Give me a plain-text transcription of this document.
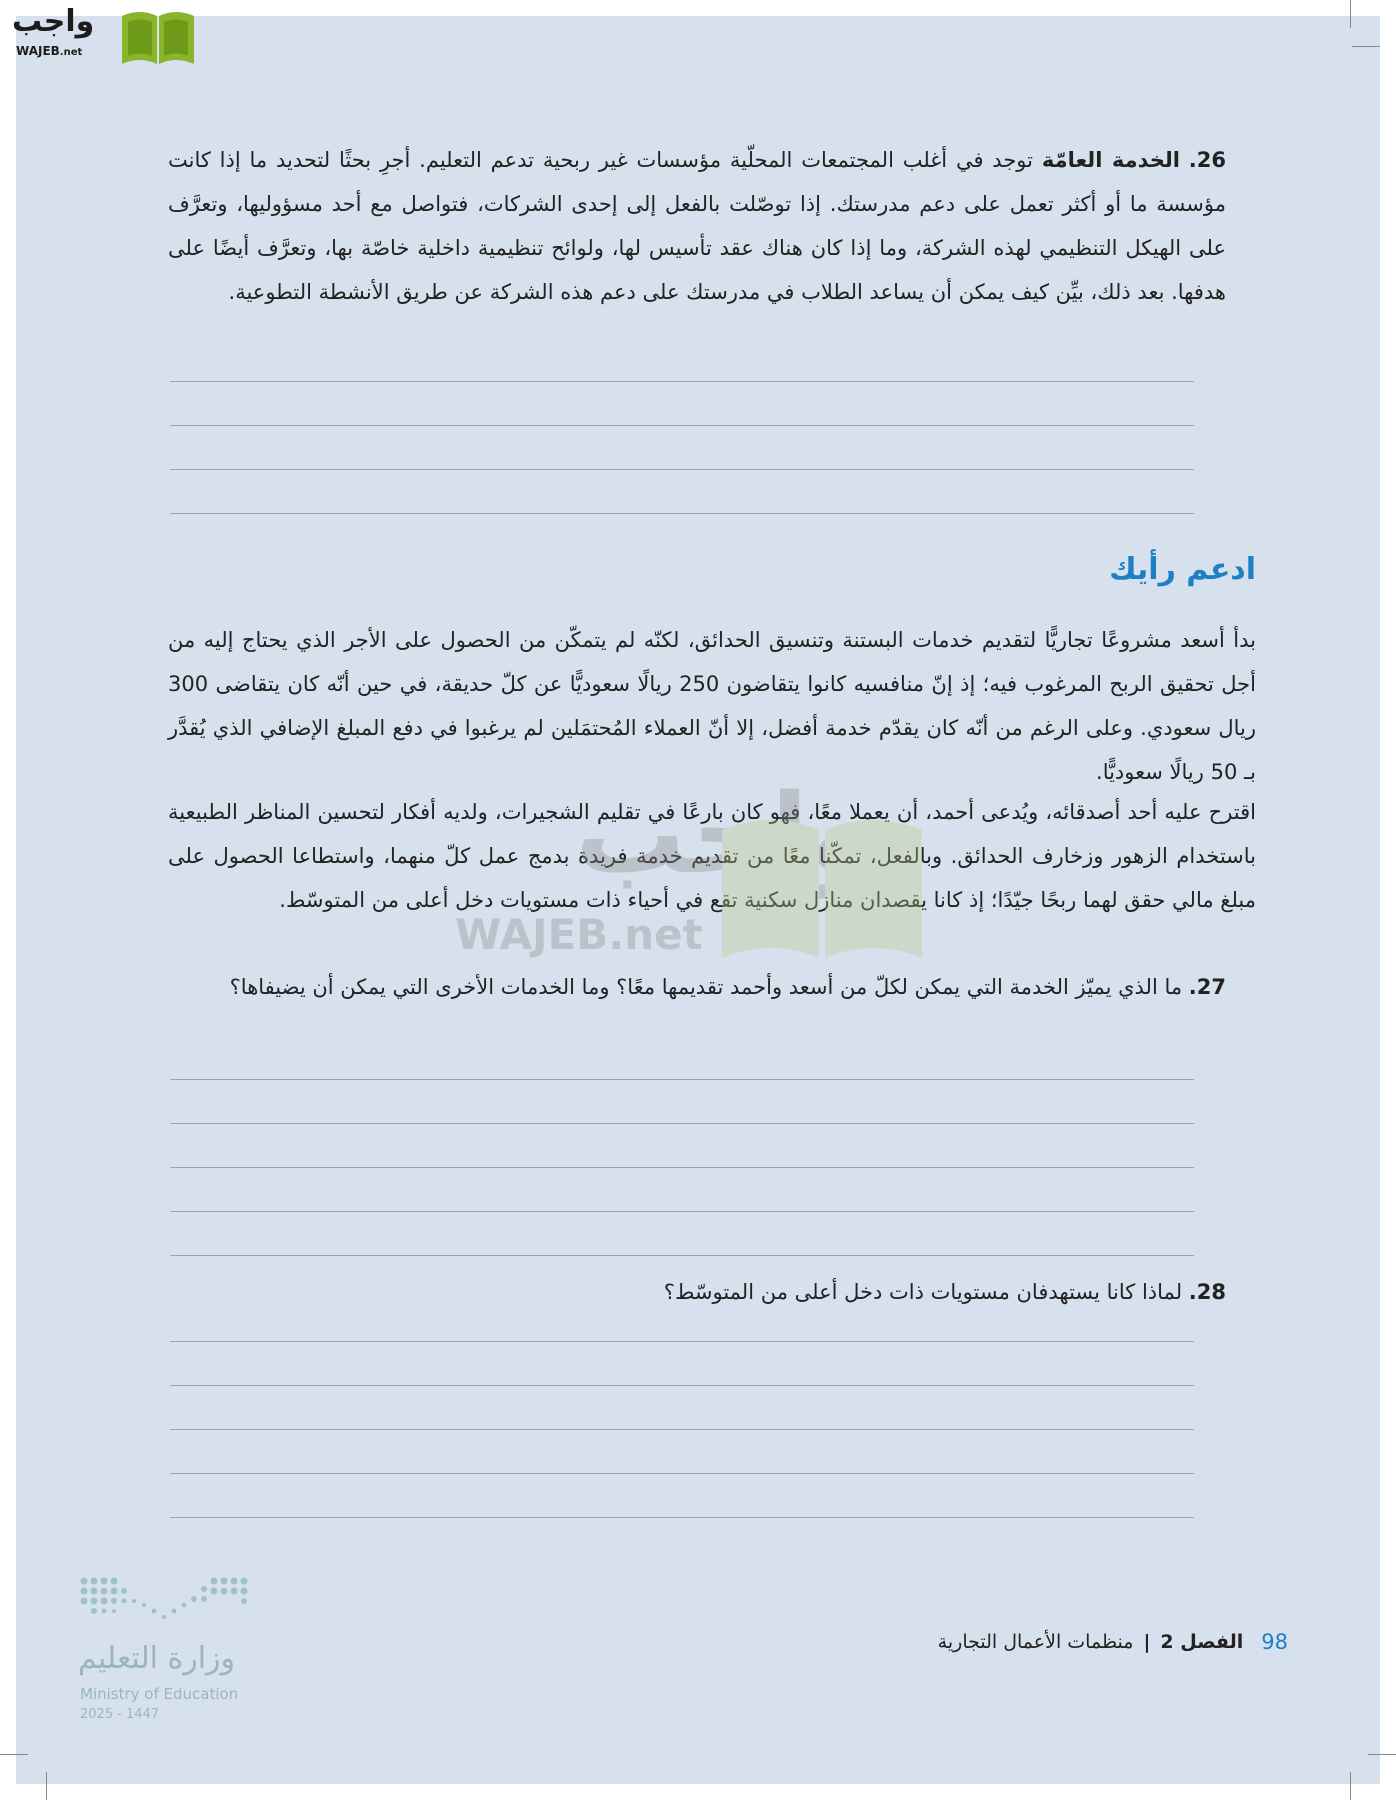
واجب
WAJEB.net
26. الخدمة العامّة توجد في أغلب المجتمعات المحلّية مؤسسات غير ربحية تدعم التعليم. أجرِ بحثًا لتحديد ما إذا كانت مؤسسة ما أو أكثر تعمل على دعم مدرستك. إذا توصّلت بالفعل إلى إحدى الشركات، فتواصل مع أحد مسؤوليها، وتعرَّف على الهيكل التنظيمي لهذه الشركة، وما إذا كان هناك عقد تأسيس لها، ولوائح تنظيمية داخلية خاصّة بها، وتعرَّف أيضًا على هدفها. بعد ذلك، بيِّن كيف يمكن أن يساعد الطلاب في مدرستك على دعم هذه الشركة عن طريق الأنشطة التطوعية.
ادعم رأيك
بدأ أسعد مشروعًا تجاريًّا لتقديم خدمات البستنة وتنسيق الحدائق، لكنّه لم يتمكّن من الحصول على الأجر الذي يحتاج إليه من أجل تحقيق الربح المرغوب فيه؛ إذ إنّ منافسيه كانوا يتقاضون 250 ريالًا سعوديًّا عن كلّ حديقة، في حين أنّه كان يتقاضى 300 ريال سعودي. وعلى الرغم من أنّه كان يقدّم خدمة أفضل، إلا أنّ العملاء المُحتمَلين لم يرغبوا في دفع المبلغ الإضافي الذي يُقدَّر بـ 50 ريالًا سعوديًّا.
اقترح عليه أحد أصدقائه، ويُدعى أحمد، أن يعملا معًا، فهو كان بارعًا في تقليم الشجيرات، ولديه أفكار لتحسين المناظر الطبيعية باستخدام الزهور وزخارف الحدائق. وبالفعل، تمكّنا معًا من تقديم خدمة فريدة بدمج عمل كلّ منهما، واستطاعا الحصول على مبلغ مالي حقق لهما ربحًا جيّدًا؛ إذ كانا يقصدان منازل سكنية تقع في أحياء ذات مستويات دخل أعلى من المتوسّط.
27. ما الذي يميّز الخدمة التي يمكن لكلّ من أسعد وأحمد تقديمها معًا؟ وما الخدمات الأخرى التي يمكن أن يضيفاها؟
28. لماذا كانا يستهدفان مستويات ذات دخل أعلى من المتوسّط؟
واجب
WAJEB.net
وزارة التعليم
Ministry of Education
2025 - 1447
98
الفصل 2
|
منظمات الأعمال التجارية
